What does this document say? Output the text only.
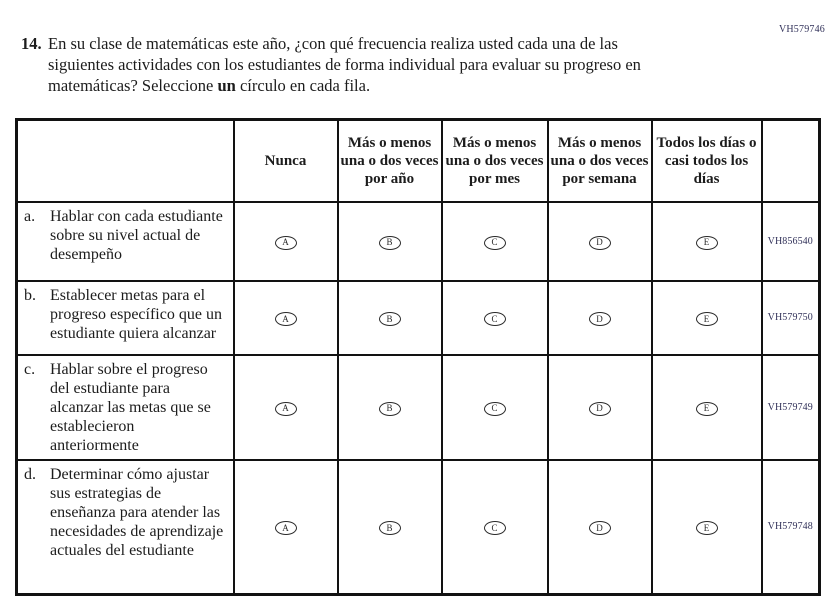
VH579746
14. En su clase de matemáticas este año, ¿con qué frecuencia realiza usted cada una de las siguientes actividades con los estudiantes de forma individual para evaluar su progreso en matemáticas? Seleccione un círculo en cada fila.
	Nunca	Más o menos una o dos veces por año	Más o menos una o dos veces por mes	Más o menos una o dos veces por semana	Todos los días o casi todos los días	

a. Hablar con cada estudiante sobre su nivel actual de desempeño	A	B	C	D	E	VH856540

b. Establecer metas para el progreso específico que un estudiante quiera alcanzar	A	B	C	D	E	VH579750

c. Hablar sobre el progreso del estudiante para alcanzar las metas que se establecieron anteriormente	A	B	C	D	E	VH579749

d. Determinar cómo ajustar sus estrategias de enseñanza para atender las necesidades de aprendizaje actuales del estudiante	A	B	C	D	E	VH579748
